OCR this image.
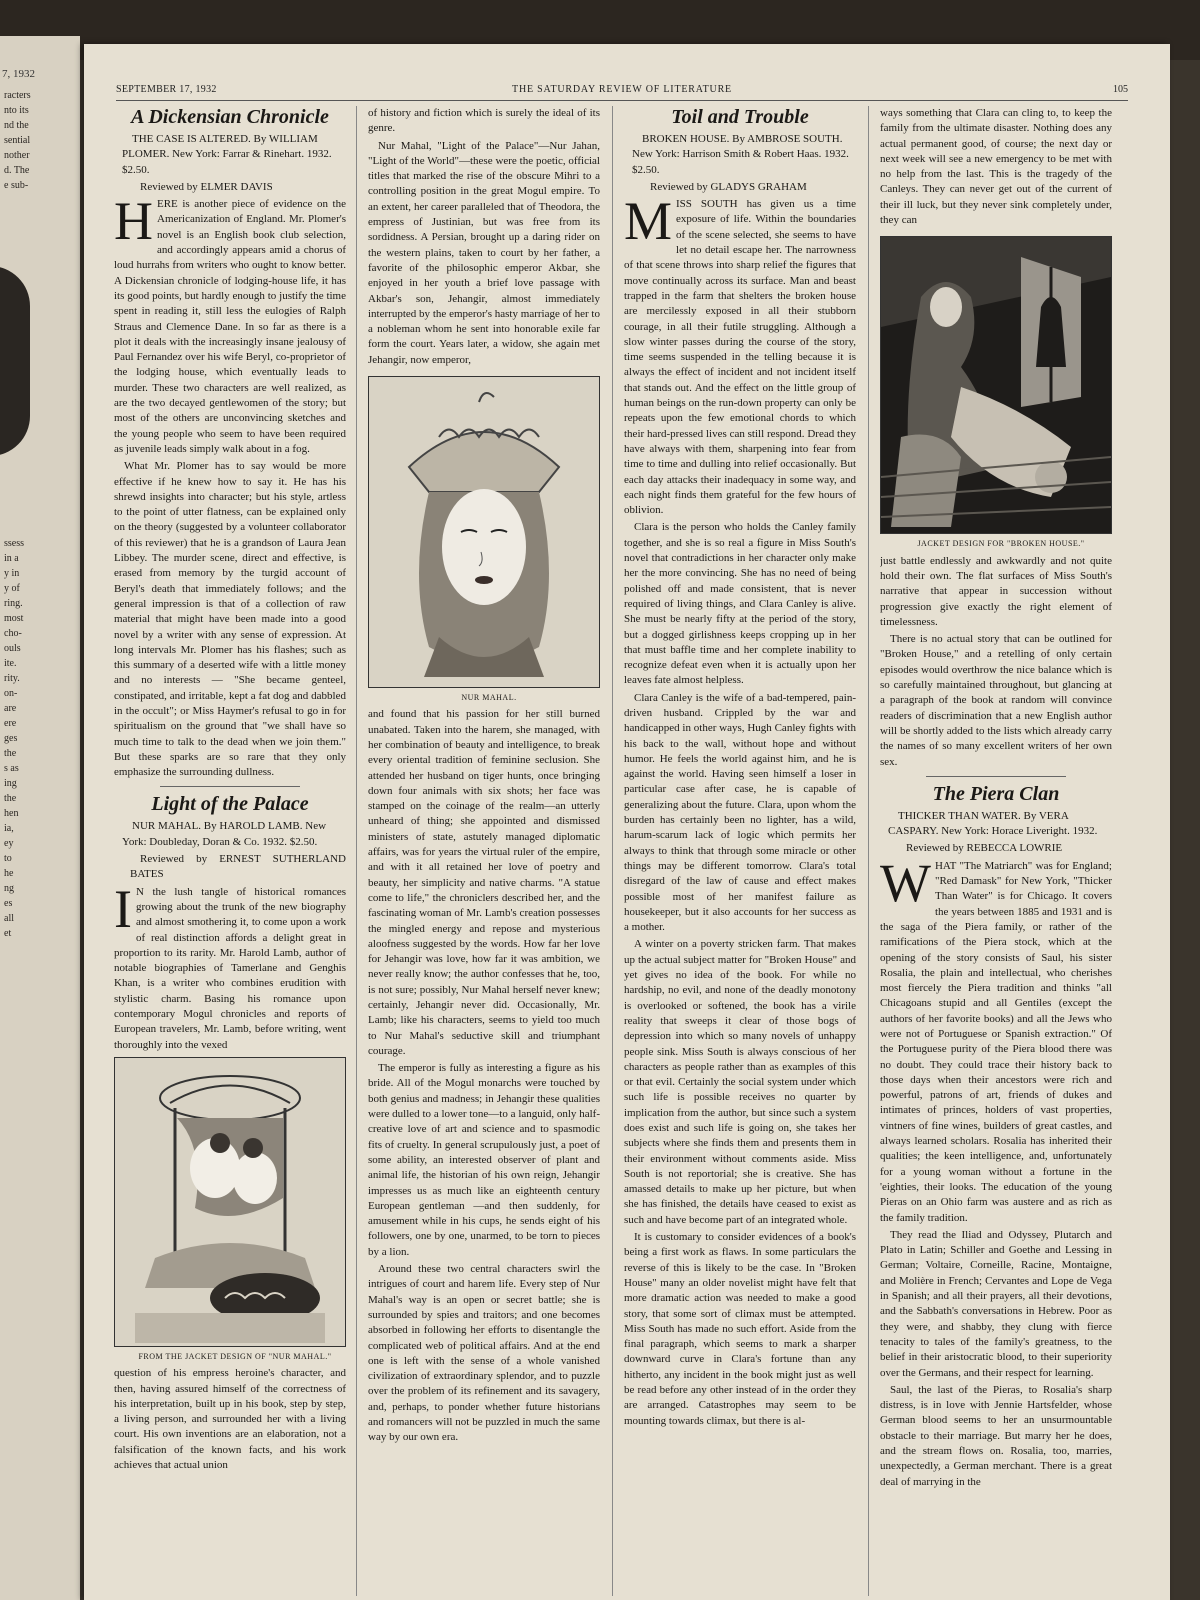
7, 1932
racters
nto its
nd the
sential
nother
d. The
e sub-
ssess
in a
y in
y of
ring.
most
cho-
ouls
ite.
rity.
on-
are
ere
ges
the
s as
ing
the
hen
ia,
ey
to
he
ng
es
all
et
SEPTEMBER 17, 1932	THE SATURDAY REVIEW OF LITERATURE	105
A Dickensian Chronicle

THE CASE IS ALTERED. By WILLIAM PLOMER. New York: Farrar & Rinehart. 1932. $2.50.

Reviewed by ELMER DAVIS

HERE is another piece of evidence on the Americanization of England. Mr. Plomer's novel is an English book club selection, and accordingly appears amid a chorus of loud hurrahs from writers who ought to know better. A Dickensian chronicle of lodging-house life, it has its good points, but hardly enough to justify the time spent in reading it, still less the eulogies of Ralph Straus and Clemence Dane. In so far as there is a plot it deals with the increasingly insane jealousy of Paul Fernandez over his wife Beryl, co-proprietor of the lodging house, which eventually leads to murder. These two characters are well realized, as are the two decayed gentlewomen of the story; but most of the others are unconvincing sketches and the young people who seem to have been required as juvenile leads simply walk about in a fog.

What Mr. Plomer has to say would be more effective if he knew how to say it. He has his shrewd insights into character; but his style, artless to the point of utter flatness, can be explained only on the theory (suggested by a volunteer collaborator of this reviewer) that he is a grandson of Laura Jean Libbey. The murder scene, direct and effective, is erased from memory by the turgid account of Beryl's death that immediately follows; and the general impression is that of a collection of raw material that might have been made into a good novel by a writer with any sense of expression. At long intervals Mr. Plomer has his flashes; such as this summary of a deserted wife with a little money and no interests — "She became genteel, constipated, and irritable, kept a fat dog and dabbled in the occult"; or Miss Haymer's refusal to go in for spiritualism on the ground that "we shall have so much time to talk to the dead when we join them." But these sparks are so rare that they only emphasize the surrounding dullness.

Light of the Palace

NUR MAHAL. By HAROLD LAMB. New York: Doubleday, Doran & Co. 1932. $2.50.

Reviewed by ERNEST SUTHERLAND BATES

I N the lush tangle of historical romances growing about the trunk of the new biography and almost smothering it, to come upon a work of real distinction affords a delight great in proportion to its rarity. Mr. Harold Lamb, author of notable biographies of Tamerlane and Genghis Khan, is a writer who combines erudition with stylistic charm. Basing his romance upon contemporary Mogul chronicles and reports of European travelers, Mr. Lamb, before writing, went thoroughly into the vexed

FROM THE JACKET DESIGN OF "NUR MAHAL."

question of his empress heroine's character, and then, having assured himself of the correctness of his interpretation, built up in his book, step by step, a living person, and surrounded her with a living court. His own inventions are an elaboration, not a falsification of the known facts, and his work achieves that actual union

of history and fiction which is surely the ideal of its genre.

Nur Mahal, "Light of the Palace"—Nur Jahan, "Light of the World"—these were the poetic, official titles that marked the rise of the obscure Mihri to a controlling position in the great Mogul empire. To an extent, her career paralleled that of Theodora, the empress of Justinian, but was free from its sordidness. A Persian, brought up a daring rider on the western plains, taken to court by her father, a favorite of the philosophic emperor Akbar, she enjoyed in her youth a brief love passage with Akbar's son, Jehangir, almost immediately interrupted by the emperor's hasty marriage of her to a nobleman whom he sent into honorable exile far form the court. Years later, a widow, she again met Jehangir, now emperor,

NUR MAHAL.

and found that his passion for her still burned unabated. Taken into the harem, she managed, with her combination of beauty and intelligence, to break every oriental tradition of feminine seclusion. She attended her husband on tiger hunts, once bringing down four animals with six shots; her face was stamped on the coinage of the realm—an utterly unheard of thing; she appointed and dismissed ministers of state, astutely managed diplomatic affairs, was for years the virtual ruler of the empire, and with it all retained her love of poetry and beauty, her simplicity and native charms. "A statue come to life," the chroniclers described her, and the fascinating woman of Mr. Lamb's creation possesses the mingled energy and repose and mysterious aloofness suggested by the words. How far her love for Jehangir was love, how far it was ambition, we never really know; the author confesses that he, too, is not sure; possibly, Nur Mahal herself never knew; certainly, Jehangir never did. Occasionally, Mr. Lamb; like his characters, seems to yield too much to Nur Mahal's seductive skill and triumphant courage.

The emperor is fully as interesting a figure as his bride. All of the Mogul monarchs were touched by both genius and madness; in Jehangir these qualities were dulled to a lower tone—to a languid, only half-creative love of art and science and to spasmodic fits of cruelty. In general scrupulously just, a poet of some ability, an interested observer of plant and animal life, the historian of his own reign, Jehangir impresses us as much like an eighteenth century European gentleman —and then suddenly, for amusement while in his cups, he sends eight of his followers, one by one, unarmed, to be torn to pieces by a lion.

Around these two central characters swirl the intrigues of court and harem life. Every step of Nur Mahal's way is an open or secret battle; she is surrounded by spies and traitors; and one becomes absorbed in following her efforts to disentangle the complicated web of political affairs. And at the end one is left with the sense of a whole vanished civilization of extraordinary splendor, and to puzzle over the problem of its refinement and its savagery, and, perhaps, to ponder whether future historians and romancers will not be puzzled in much the same way by our own era.

Toil and Trouble

BROKEN HOUSE. By AMBROSE SOUTH. New York: Harrison Smith & Robert Haas. 1932. $2.50.

Reviewed by GLADYS GRAHAM

MISS SOUTH has given us a time exposure of life. Within the boundaries of the scene selected, she seems to have let no detail escape her. The narrowness of that scene throws into sharp relief the figures that move continually across its surface. Man and beast trapped in the farm that shelters the broken house are mercilessly exposed in all their stubborn courage, in all their futile struggling. Although a slow winter passes during the course of the story, time seems suspended in the telling because it is always the effect of incident and not incident itself that stands out. And the effect on the little group of human beings on the run-down property can only be repeats upon the few emotional chords to which their hard-pressed lives can still respond. Dread they have always with them, sharpening into fear from time to time and dulling into relief occasionally. But each day attacks their inadequacy in some way, and each night finds them grateful for the few hours of oblivion.

Clara is the person who holds the Canley family together, and she is so real a figure in Miss South's novel that contradictions in her character only make her the more convincing. She has no need of being polished off and made consistent, that is never required of living things, and Clara Canley is alive. She must be nearly fifty at the period of the story, but a dogged girlishness keeps cropping up in her that must baffle time and her complete inability to recognize defeat even when it is actually upon her leaves fate almost helpless.

Clara Canley is the wife of a bad-tempered, pain-driven husband. Crippled by the war and handicapped in other ways, Hugh Canley fights with his back to the wall, without hope and without humor. He feels the world against him, and he is against the world. Having seen himself a loser in particular case after case, he is capable of generalizing about the future. Clara, upon whom the burden has certainly been no lighter, has a wild, harum-scarum lack of logic which permits her always to think that through some miracle or other things may be different tomorrow. Clara's total disregard of the law of cause and effect makes possible most of her manifest failure as housekeeper, but it also accounts for her success as a mother.

A winter on a poverty stricken farm. That makes up the actual subject matter for "Broken House" and yet gives no idea of the book. For while no hardship, no evil, and none of the deadly monotony is overlooked or softened, the book has a virile reality that sweeps it clear of those bogs of depression into which so many novels of unhappy people sink. Miss South is always conscious of her characters as people rather than as examples of this or that evil. Certainly the social system under which such life is possible receives no quarter by implication from the author, but since such a system does exist and such life is going on, she takes her subjects where she finds them and presents them in their environment without comments aside. Miss South is not reportorial; she is creative. She has amassed details to make up her picture, but when she has finished, the details have ceased to exist as such and have become part of an integrated whole.

It is customary to consider evidences of a book's being a first work as flaws. In some particulars the reverse of this is likely to be the case. In "Broken House" many an older novelist might have felt that more dramatic action was needed to make a good story, that some sort of climax must be attempted. Miss South has made no such effort. Aside from the final paragraph, which seems to mark a sharper downward curve in Clara's fortune than any hitherto, any incident in the book might just as well be read before any other instead of in the order they are arranged. Catastrophes may seem to be mounting towards climax, but there is al-

ways something that Clara can cling to, to keep the family from the ultimate disaster. Nothing does any actual permanent good, of course; the next day or next week will see a new emergency to be met with no help from the last. This is the tragedy of the Canleys. They can never get out of the current of their ill luck, but they never sink completely under, they can

JACKET DESIGN FOR "BROKEN HOUSE."

just battle endlessly and awkwardly and not quite hold their own. The flat surfaces of Miss South's narrative that appear in succession without progression give exactly the right element of timelessness.

There is no actual story that can be outlined for "Broken House," and a retelling of only certain episodes would overthrow the nice balance which is so carefully maintained throughout, but glancing at a paragraph of the book at random will convince readers of discrimination that a new English author will be shortly added to the lists which already carry the names of so many excellent writers of her own sex.

The Piera Clan

THICKER THAN WATER. By VERA CASPARY. New York: Horace Liveright. 1932.

Reviewed by REBECCA LOWRIE

WHAT "The Matriarch" was for England; "Red Damask" for New York, "Thicker Than Water" is for Chicago. It covers the years between 1885 and 1931 and is the saga of the Piera family, or rather of the ramifications of the Piera stock, which at the opening of the story consists of Saul, his sister Rosalia, the plain and intellectual, who cherishes most fiercely the Piera tradition and thinks "all Chicagoans stupid and all Gentiles (except the authors of her favorite books) and all the Jews who were not of Portuguese or Spanish extraction." Of the Portuguese purity of the Piera blood there was no doubt. They could trace their history back to those days when their ancestors were rich and powerful, patrons of art, friends of dukes and intimates of princes, holders of vast properties, vintners of fine wines, builders of great castles, and always learned scholars. Rosalia has inherited their qualities; the keen intelligence, and, unfortunately for a young woman without a fortune in the 'eighties, their looks. The education of the young Pieras on an Ohio farm was austere and as rich as the family tradition.

They read the Iliad and Odyssey, Plutarch and Plato in Latin; Schiller and Goethe and Lessing in German; Voltaire, Corneille, Racine, Montaigne, and Molière in French; Cervantes and Lope de Vega in Spanish; and all their prayers, all their devotions, and the Sabbath's conversations in Hebrew. Poor as they were, and shabby, they clung with fierce tenacity to tales of the family's greatness, to the belief in their aristocratic blood, to their superiority over the Germans, and their respect for learning.

Saul, the last of the Pieras, to Rosalia's sharp distress, is in love with Jennie Hartsfelder, whose German blood seems to her an unsurmountable obstacle to their marriage. But marry her he does, and the stream flows on. Rosalia, too, marries, unexpectedly, a German merchant. There is a great deal of marrying in the
